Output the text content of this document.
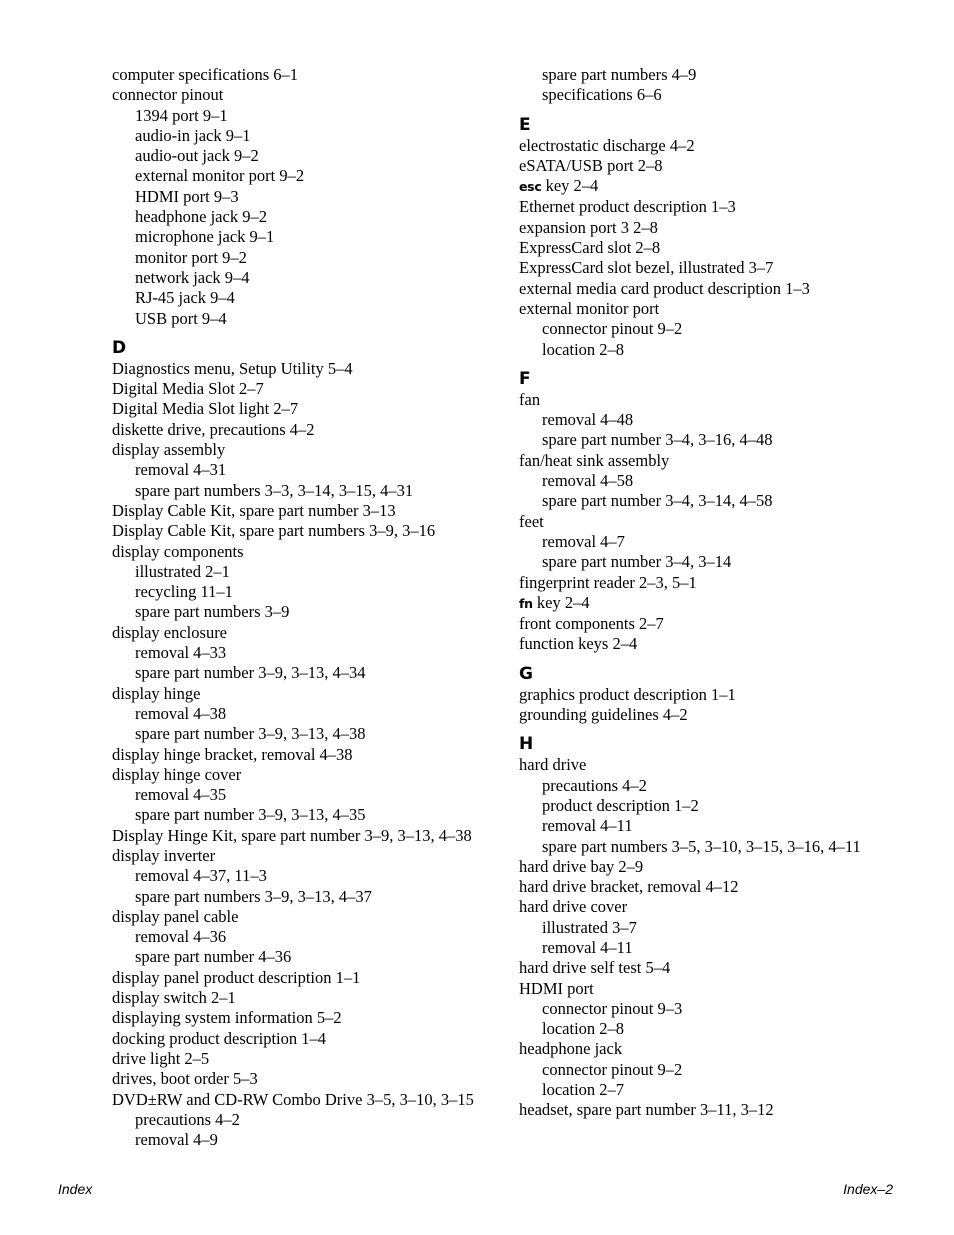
computer specifications 6–1
connector pinout
1394 port 9–1
audio-in jack 9–1
audio-out jack 9–2
external monitor port 9–2
HDMI port 9–3
headphone jack 9–2
microphone jack 9–1
monitor port 9–2
network jack 9–4
RJ-45 jack 9–4
USB port 9–4
D
Diagnostics menu, Setup Utility 5–4
Digital Media Slot 2–7
Digital Media Slot light 2–7
diskette drive, precautions 4–2
display assembly
removal 4–31
spare part numbers 3–3, 3–14, 3–15, 4–31
Display Cable Kit, spare part number 3–13
Display Cable Kit, spare part numbers 3–9, 3–16
display components
illustrated 2–1
recycling 11–1
spare part numbers 3–9
display enclosure
removal 4–33
spare part number 3–9, 3–13, 4–34
display hinge
removal 4–38
spare part number 3–9, 3–13, 4–38
display hinge bracket, removal 4–38
display hinge cover
removal 4–35
spare part number 3–9, 3–13, 4–35
Display Hinge Kit, spare part number 3–9, 3–13, 4–38
display inverter
removal 4–37, 11–3
spare part numbers 3–9, 3–13, 4–37
display panel cable
removal 4–36
spare part number 4–36
display panel product description 1–1
display switch 2–1
displaying system information 5–2
docking product description 1–4
drive light 2–5
drives, boot order 5–3
DVD±RW and CD-RW Combo Drive 3–5, 3–10, 3–15
precautions 4–2
removal 4–9
spare part numbers 4–9
specifications 6–6
E
electrostatic discharge 4–2
eSATA/USB port 2–8
esc key 2–4
Ethernet product description 1–3
expansion port 3 2–8
ExpressCard slot 2–8
ExpressCard slot bezel, illustrated 3–7
external media card product description 1–3
external monitor port
connector pinout 9–2
location 2–8
F
fan
removal 4–48
spare part number 3–4, 3–16, 4–48
fan/heat sink assembly
removal 4–58
spare part number 3–4, 3–14, 4–58
feet
removal 4–7
spare part number 3–4, 3–14
fingerprint reader 2–3, 5–1
fn key 2–4
front components 2–7
function keys 2–4
G
graphics product description 1–1
grounding guidelines 4–2
H
hard drive
precautions 4–2
product description 1–2
removal 4–11
spare part numbers 3–5, 3–10, 3–15, 3–16, 4–11
hard drive bay 2–9
hard drive bracket, removal 4–12
hard drive cover
illustrated 3–7
removal 4–11
hard drive self test 5–4
HDMI port
connector pinout 9–3
location 2–8
headphone jack
connector pinout 9–2
location 2–7
headset, spare part number 3–11, 3–12
Index	Index–2
